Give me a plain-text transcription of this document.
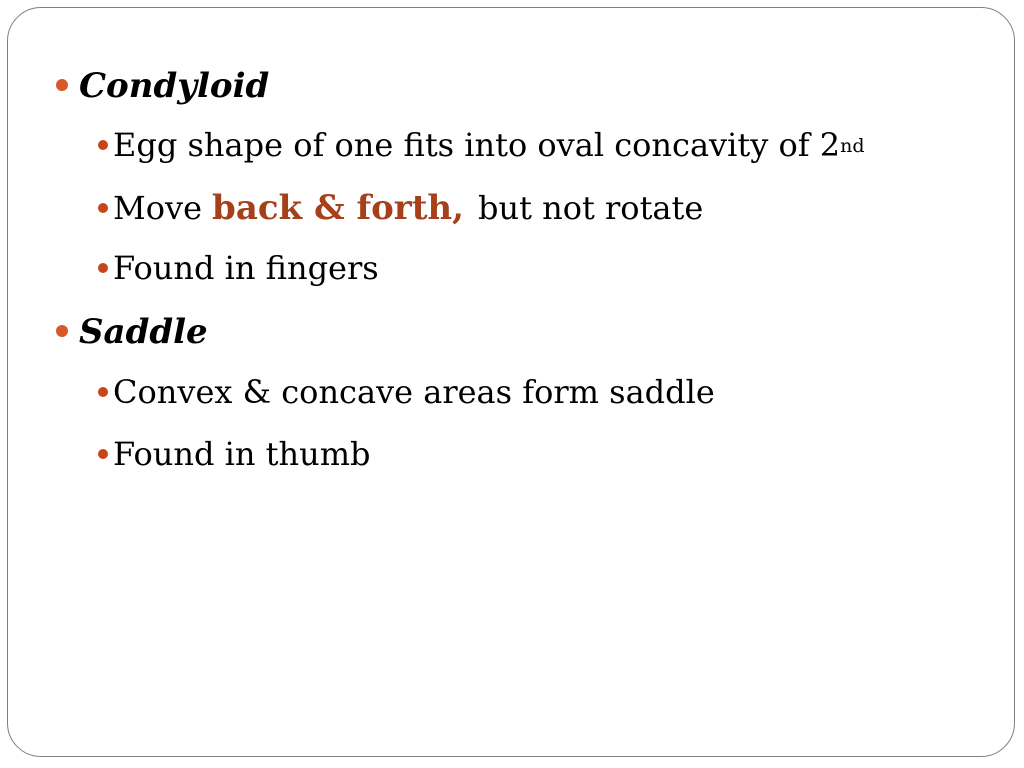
Condyloid
Egg shape of one fits into oval concavity of 2nd
Move back & forth, but not rotate
Found in fingers
Saddle
Convex & concave areas form saddle
Found in thumb
